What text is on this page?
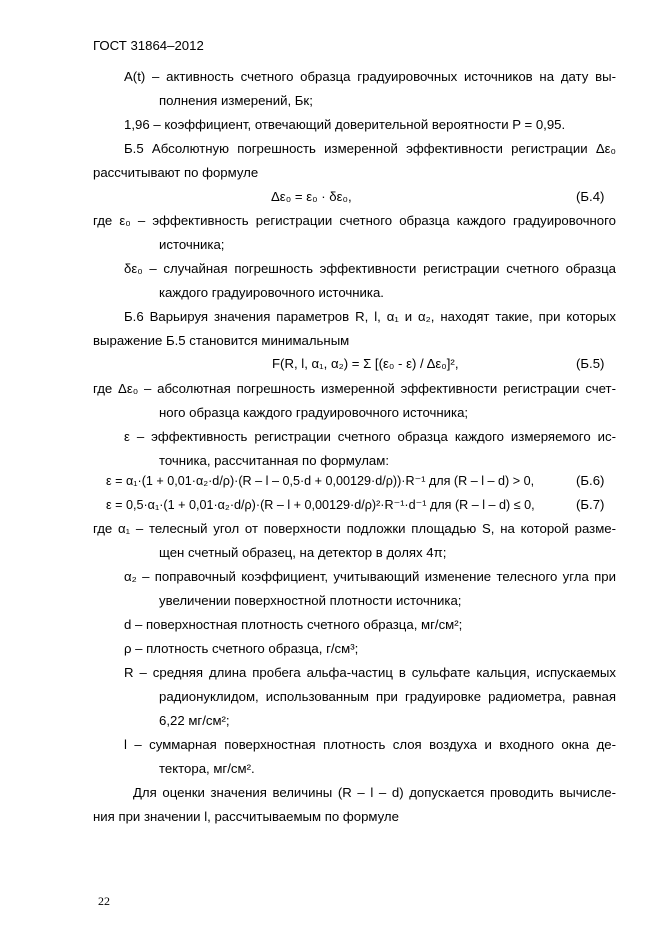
ГОСТ 31864–2012
A(t) – активность счетного образца градуировочных источников на дату вы-
полнения измерений, Бк;
1,96 – коэффициент, отвечающий доверительной вероятности P = 0,95.
Б.5 Абсолютную погрешность измеренной эффективности регистрации Δε₀
рассчитывают по формуле
Δε₀ = ε₀ · δε₀,	(Б.4)
где ε₀ – эффективность регистрации счетного образца каждого градуировочного
источника;
δε₀ – случайная погрешность эффективности регистрации счетного образца
каждого градуировочного источника.
Б.6 Варьируя значения параметров R, l, α₁ и α₂, находят такие, при которых
выражение Б.5 становится минимальным
F(R, l, α₁, α₂) = Σ [(ε₀ - ε) / Δε₀]²,	(Б.5)
где Δε₀ – абсолютная погрешность измеренной эффективности регистрации счет-
ного образца каждого градуировочного источника;
ε – эффективность регистрации счетного образца каждого измеряемого ис-
точника, рассчитанная по формулам:
ε = α₁·(1 + 0,01·α₂·d/ρ)·(R – l – 0,5·d + 0,00129·d/ρ))·R⁻¹ для (R – l – d) > 0,	(Б.6)
ε = 0,5·α₁·(1 + 0,01·α₂·d/ρ)·(R – l + 0,00129·d/ρ)²·R⁻¹·d⁻¹ для (R – l – d) ≤ 0,	(Б.7)
где α₁ – телесный угол от поверхности подложки площадью S, на которой разме-
щен счетный образец, на детектор в долях 4π;
α₂ – поправочный коэффициент, учитывающий изменение телесного угла при
увеличении поверхностной плотности источника;
d – поверхностная плотность счетного образца, мг/см²;
ρ – плотность счетного образца, г/см³;
R – средняя длина пробега альфа-частиц в сульфате кальция, испускаемых
радионуклидом, использованным при градуировке радиометра, равная
6,22 мг/см²;
l – суммарная поверхностная плотность слоя воздуха и входного окна де-
тектора, мг/см².
Для оценки значения величины (R – l – d) допускается проводить вычисле-
ния при значении l, рассчитываемым по формуле
22
